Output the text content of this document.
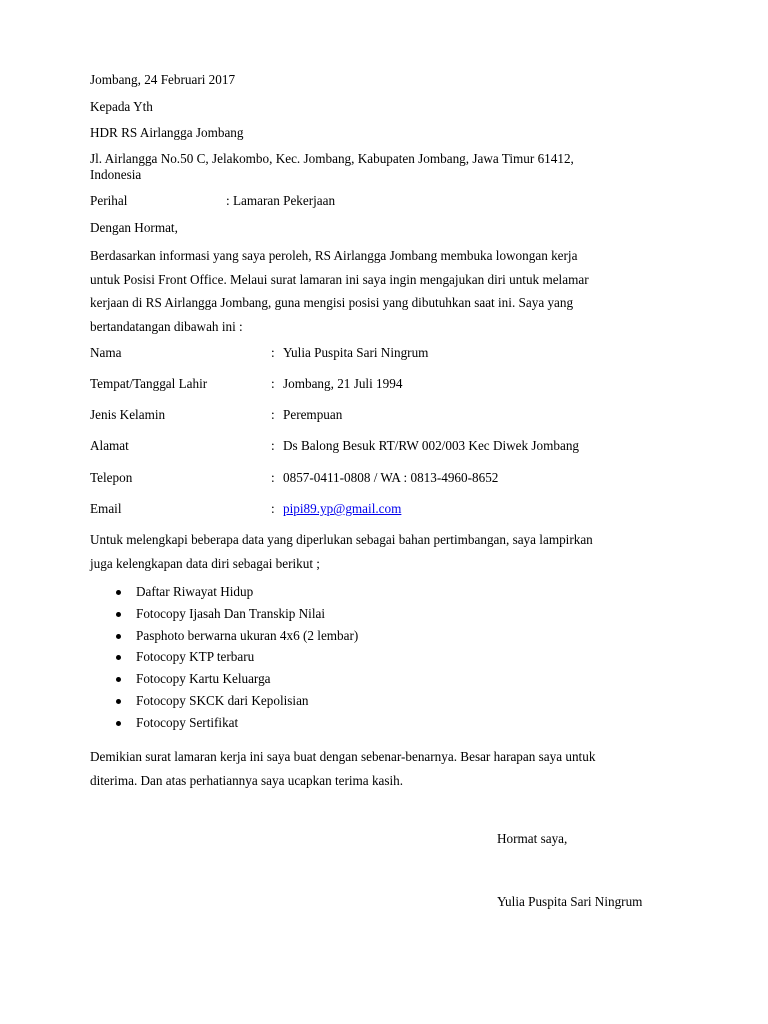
Jombang, 24 Februari 2017
Kepada Yth
HDR RS Airlangga Jombang
Jl. Airlangga No.50 C, Jelakombo, Kec. Jombang, Kabupaten Jombang, Jawa Timur 61412,
Indonesia
Perihal	: Lamaran Pekerjaan
Dengan Hormat,
Berdasarkan informasi yang saya peroleh, RS Airlangga Jombang membuka lowongan kerja
untuk Posisi Front Office. Melaui surat lamaran ini saya ingin mengajukan diri untuk melamar
kerjaan di RS Airlangga Jombang, guna mengisi posisi yang dibutuhkan saat ini. Saya yang
bertandatangan dibawah ini :
Nama	: Yulia Puspita Sari Ningrum
Tempat/Tanggal Lahir	: Jombang, 21 Juli 1994
Jenis Kelamin	: Perempuan
Alamat	: Ds Balong Besuk RT/RW 002/003 Kec Diwek Jombang
Telepon	: 0857-0411-0808 / WA : 0813-4960-8652
Email	: pipi89.yp@gmail.com
Untuk melengkapi beberapa data yang diperlukan sebagai bahan pertimbangan, saya lampirkan
juga kelengkapan data diri sebagai berikut ;
Daftar Riwayat Hidup
Fotocopy Ijasah Dan Transkip Nilai
Pasphoto berwarna ukuran 4x6 (2 lembar)
Fotocopy KTP terbaru
Fotocopy Kartu Keluarga
Fotocopy SKCK dari Kepolisian
Fotocopy Sertifikat
Demikian surat lamaran kerja ini saya buat dengan sebenar-benarnya. Besar harapan saya untuk
diterima. Dan atas perhatiannya saya ucapkan terima kasih.
Hormat saya,
Yulia Puspita Sari Ningrum
